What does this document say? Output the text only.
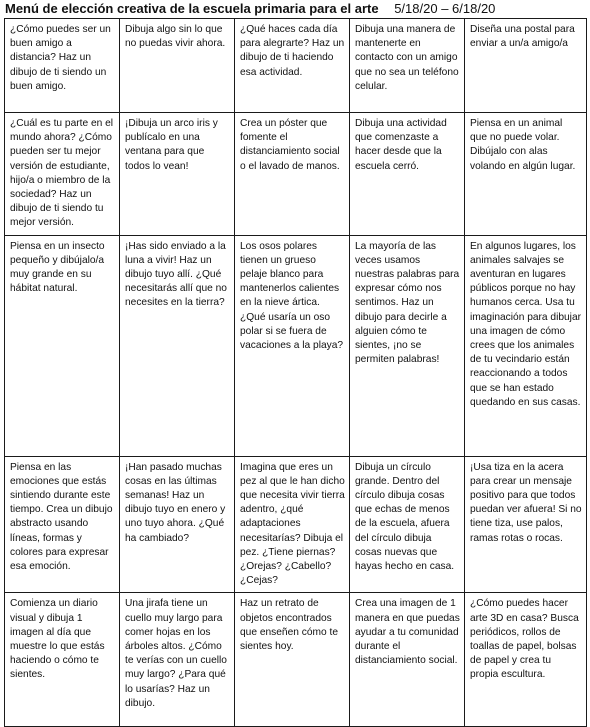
Menú de elección creativa de la escuela primaria para el arte 5/18/20 – 6/18/20
¿Cómo puedes ser un buen amigo a distancia? Haz un dibujo de ti siendo un buen amigo.	Dibuja algo sin lo que no puedas vivir ahora.	¿Qué haces cada día para alegrarte? Haz un dibujo de ti haciendo esa actividad.	Dibuja una manera de mantenerte en contacto con un amigo que no sea un teléfono celular.	Diseña una postal para enviar a un/a amigo/a
¿Cuál es tu parte en el mundo ahora? ¿Cómo pueden ser tu mejor versión de estudiante, hijo/a o miembro de la sociedad? Haz un dibujo de ti siendo tu mejor versión.	¡Dibuja un arco iris y publícalo en una ventana para que todos lo vean!	Crea un póster que fomente el distanciamiento social o el lavado de manos.	Dibuja una actividad que comenzaste a hacer desde que la escuela cerró.	Piensa en un animal que no puede volar. Dibújalo con alas volando en algún lugar.
Piensa en un insecto pequeño y dibújalo/a muy grande en su hábitat natural.	¡Has sido enviado a la luna a vivir! Haz un dibujo tuyo allí. ¿Qué necesitarás allí que no necesites en la tierra?	Los osos polares tienen un grueso pelaje blanco para mantenerlos calientes en la nieve ártica. ¿Qué usaría un oso polar si se fuera de vacaciones a la playa?	La mayoría de las veces usamos nuestras palabras para expresar cómo nos sentimos. Haz un dibujo para decirle a alguien cómo te sientes, ¡no se permiten palabras!	En algunos lugares, los animales salvajes se aventuran en lugares públicos porque no hay humanos cerca. Usa tu imaginación para dibujar una imagen de cómo crees que los animales de tu vecindario están reaccionando a todos que se han estado quedando en sus casas.
Piensa en las emociones que estás sintiendo durante este tiempo. Crea un dibujo abstracto usando líneas, formas y colores para expresar esa emoción.	¡Han pasado muchas cosas en las últimas semanas! Haz un dibujo tuyo en enero y uno tuyo ahora. ¿Qué ha cambiado?	Imagina que eres un pez al que le han dicho que necesita vivir tierra adentro, ¿qué adaptaciones necesitarías? Dibuja el pez. ¿Tiene piernas? ¿Orejas? ¿Cabello? ¿Cejas?	Dibuja un círculo grande. Dentro del círculo dibuja cosas que echas de menos de la escuela, afuera del círculo dibuja cosas nuevas que hayas hecho en casa.	¡Usa tiza en la acera para crear un mensaje positivo para que todos puedan ver afuera! Si no tiene tiza, use palos, ramas rotas o rocas.
Comienza un diario visual y dibuja 1 imagen al día que muestre lo que estás haciendo o cómo te sientes.	Una jirafa tiene un cuello muy largo para comer hojas en los árboles altos. ¿Cómo te verías con un cuello muy largo? ¿Para qué lo usarías? Haz un dibujo.	Haz un retrato de objetos encontrados que enseñen cómo te sientes hoy.	Crea una imagen de 1 manera en que puedas ayudar a tu comunidad durante el distanciamiento social.	¿Cómo puedes hacer arte 3D en casa? Busca periódicos, rollos de toallas de papel, bolsas de papel y crea tu propia escultura.
